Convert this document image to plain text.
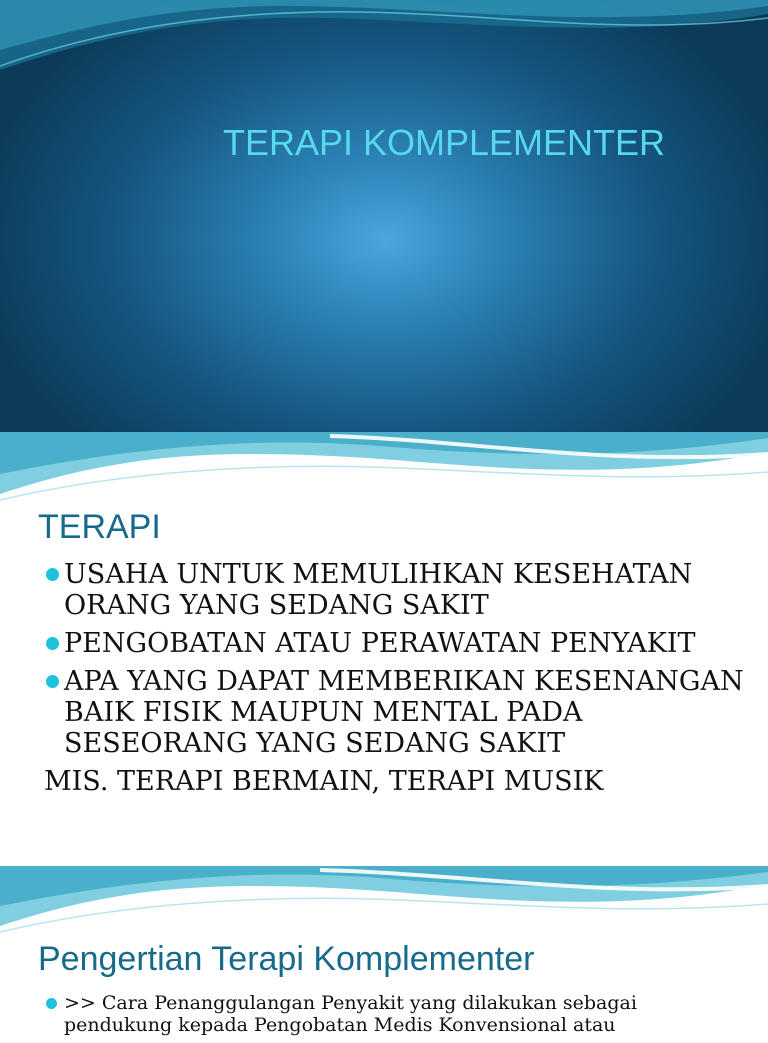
TERAPI KOMPLEMENTER
TERAPI
USAHA UNTUK MEMULIHKAN KESEHATAN ORANG YANG SEDANG SAKIT
PENGOBATAN ATAU PERAWATAN PENYAKIT
APA YANG DAPAT MEMBERIKAN KESENANGAN BAIK FISIK MAUPUN MENTAL PADA SESEORANG YANG SEDANG SAKIT
MIS. TERAPI BERMAIN, TERAPI MUSIK
Pengertian Terapi Komplementer
>> Cara Penanggulangan Penyakit yang dilakukan sebagai pendukung kepada Pengobatan Medis Konvensional atau
